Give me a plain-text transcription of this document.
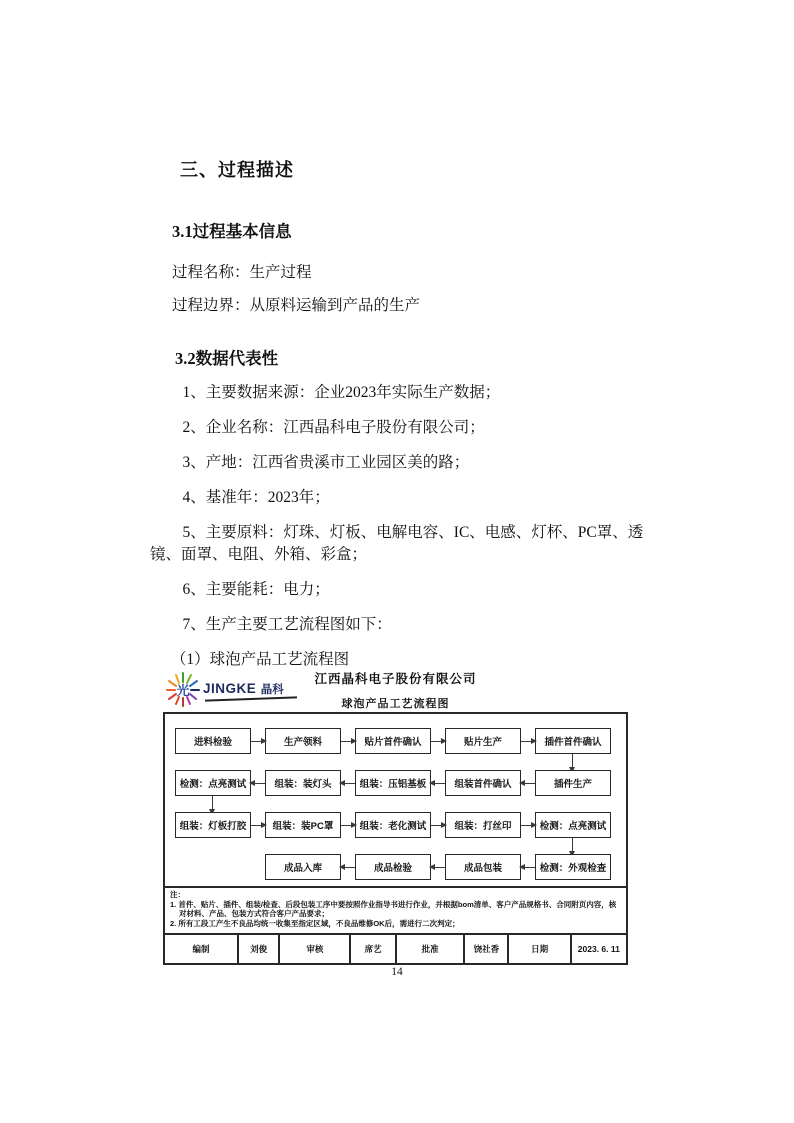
三、过程描述
3.1过程基本信息

过程名称：生产过程

过程边界：从原料运输到产品的生产

3.2数据代表性

1、主要数据来源：企业2023年实际生产数据；

2、企业名称：江西晶科电子股份有限公司；

3、产地：江西省贵溪市工业园区美的路；

4、基准年：2023年；

5、主要原料：灯珠、灯板、电解电容、IC、电感、灯杯、PC罩、透镜、面罩、电阻、外箱、彩盒；

6、主要能耗：电力；

7、生产主要工艺流程图如下：

（1）球泡产品工艺流程图

光 JINGKE 晶科
江西晶科电子股份有限公司
球泡产品工艺流程图
进料检验	生产领料	贴片首件确认	贴片生产	插件首件确认
检测：点亮测试	组装：装灯头	组装：压铝基板	组装首件确认	插件生产
组装：灯板打胶	组装：装PC罩	组装：老化测试	组装：打丝印	检测：点亮测试
成品入库	成品检验	成品包装	检测：外观检查

注：

1. 首件、贴片、插件、组装/检查、后段包装工序中要按照作业指导书进行作业，并根据bom清单、客户产品规格书、合同附页内容，核对材料、产品、包装方式符合客户产品要求；

2. 所有工段工产生不良品均统一收集至指定区域，不良品维修OK后，需进行二次判定；

编制	刘俊	审核	席艺	批准	饶社香	日期	2023. 6. 11
14
